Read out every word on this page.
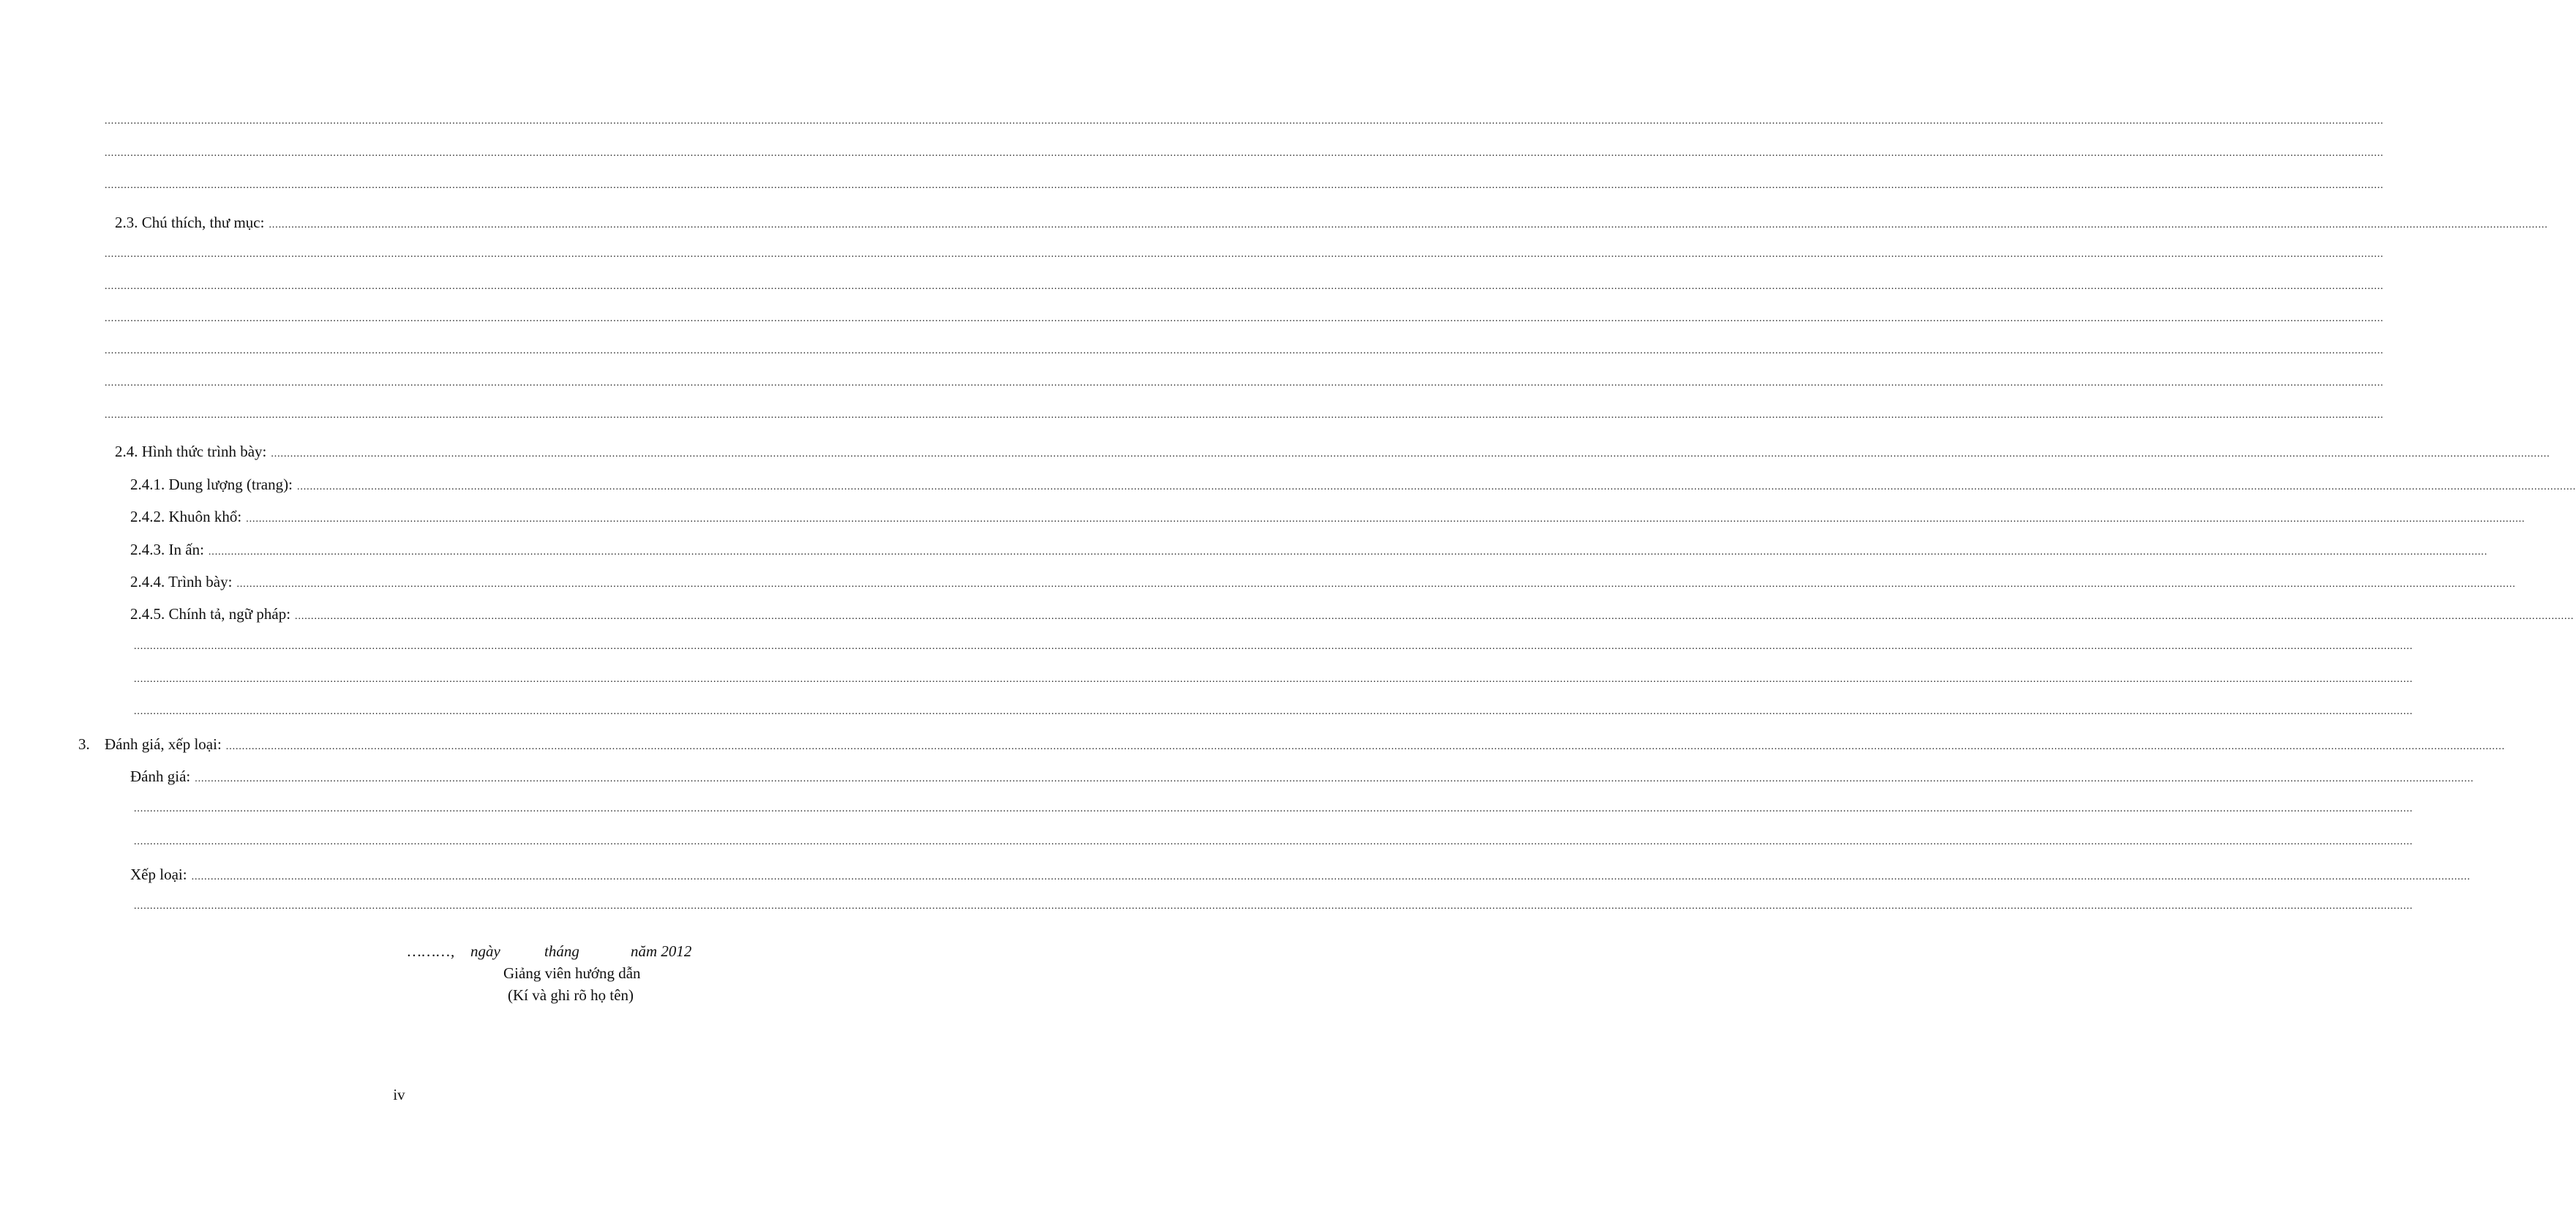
....................................................................................................................................................................................................................................................................................................................................................................................................................................................................................................................................................................................................................................................................................................................................
....................................................................................................................................................................................................................................................................................................................................................................................................................................................................................................................................................................................................................................................................................................................................
....................................................................................................................................................................................................................................................................................................................................................................................................................................................................................................................................................................................................................................................................................................................................
2.3. Chú thích, thư mục: ....................................................................................................................................................................................................................................................................................................................................................................................................................................................................................................................................................................................................................................................................................................................................
....................................................................................................................................................................................................................................................................................................................................................................................................................................................................................................................................................................................................................................................................................................................................
....................................................................................................................................................................................................................................................................................................................................................................................................................................................................................................................................................................................................................................................................................................................................
....................................................................................................................................................................................................................................................................................................................................................................................................................................................................................................................................................................................................................................................................................................................................
....................................................................................................................................................................................................................................................................................................................................................................................................................................................................................................................................................................................................................................................................................................................................
....................................................................................................................................................................................................................................................................................................................................................................................................................................................................................................................................................................................................................................................................................................................................
....................................................................................................................................................................................................................................................................................................................................................................................................................................................................................................................................................................................................................................................................................................................................
2.4. Hình thức trình bày: ....................................................................................................................................................................................................................................................................................................................................................................................................................................................................................................................................................................................................................................................................................................................................
2.4.1. Dung lượng (trang): ....................................................................................................................................................................................................................................................................................................................................................................................................................................................................................................................................................................................................................................................................................................................................
2.4.2. Khuôn khổ: ....................................................................................................................................................................................................................................................................................................................................................................................................................................................................................................................................................................................................................................................................................................................................
2.4.3. In ấn: ....................................................................................................................................................................................................................................................................................................................................................................................................................................................................................................................................................................................................................................................................................................................................
2.4.4. Trình bày: ....................................................................................................................................................................................................................................................................................................................................................................................................................................................................................................................................................................................................................................................................................................................................
2.4.5. Chính tả, ngữ pháp: ....................................................................................................................................................................................................................................................................................................................................................................................................................................................................................................................................................................................................................................................................................................................................
....................................................................................................................................................................................................................................................................................................................................................................................................................................................................................................................................................................................................................................................................................................................................
....................................................................................................................................................................................................................................................................................................................................................................................................................................................................................................................................................................................................................................................................................................................................
....................................................................................................................................................................................................................................................................................................................................................................................................................................................................................................................................................................................................................................................................................................................................
3. Đánh giá, xếp loại: ....................................................................................................................................................................................................................................................................................................................................................................................................................................................................................................................................................................................................................................................................................................................................
Đánh giá: ....................................................................................................................................................................................................................................................................................................................................................................................................................................................................................................................................................................................................................................................................................................................................
....................................................................................................................................................................................................................................................................................................................................................................................................................................................................................................................................................................................................................................................................................................................................
....................................................................................................................................................................................................................................................................................................................................................................................................................................................................................................................................................................................................................................................................................................................................
Xếp loại: ....................................................................................................................................................................................................................................................................................................................................................................................................................................................................................................................................................................................................................................................................................................................................
....................................................................................................................................................................................................................................................................................................................................................................................................................................................................................................................................................................................................................................................................................................................................
………, ngày	tháng	năm 2012
Giảng viên hướng dẫn
(Kí và ghi rõ họ tên)
iv
